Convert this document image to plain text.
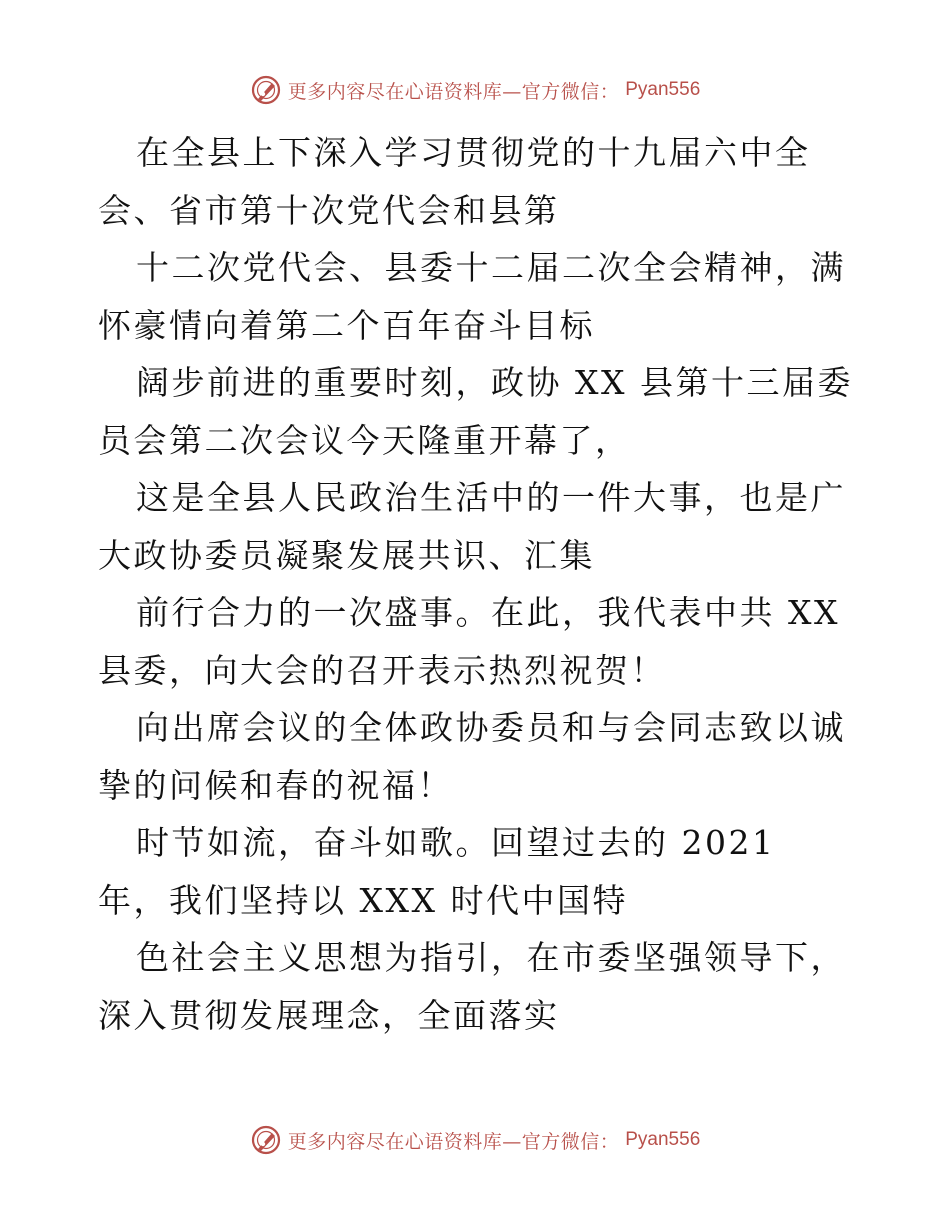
更多内容尽在心语资料库—官方微信： Pyan556

在全县上下深入学习贯彻党的十九届六中全会、省市第十次党代会和县第

十二次党代会、县委十二届二次全会精神，满怀豪情向着第二个百年奋斗目标

阔步前进的重要时刻，政协 XX 县第十三届委员会第二次会议今天隆重开幕了，

这是全县人民政治生活中的一件大事，也是广大政协委员凝聚发展共识、汇集

前行合力的一次盛事。在此，我代表中共 XX 县委，向大会的召开表示热烈祝贺！

向出席会议的全体政协委员和与会同志致以诚挚的问候和春的祝福！

时节如流，奋斗如歌。回望过去的 2021 年，我们坚持以 XXX 时代中国特

色社会主义思想为指引，在市委坚强领导下，深入贯彻发展理念，全面落实

更多内容尽在心语资料库—官方微信： Pyan556
